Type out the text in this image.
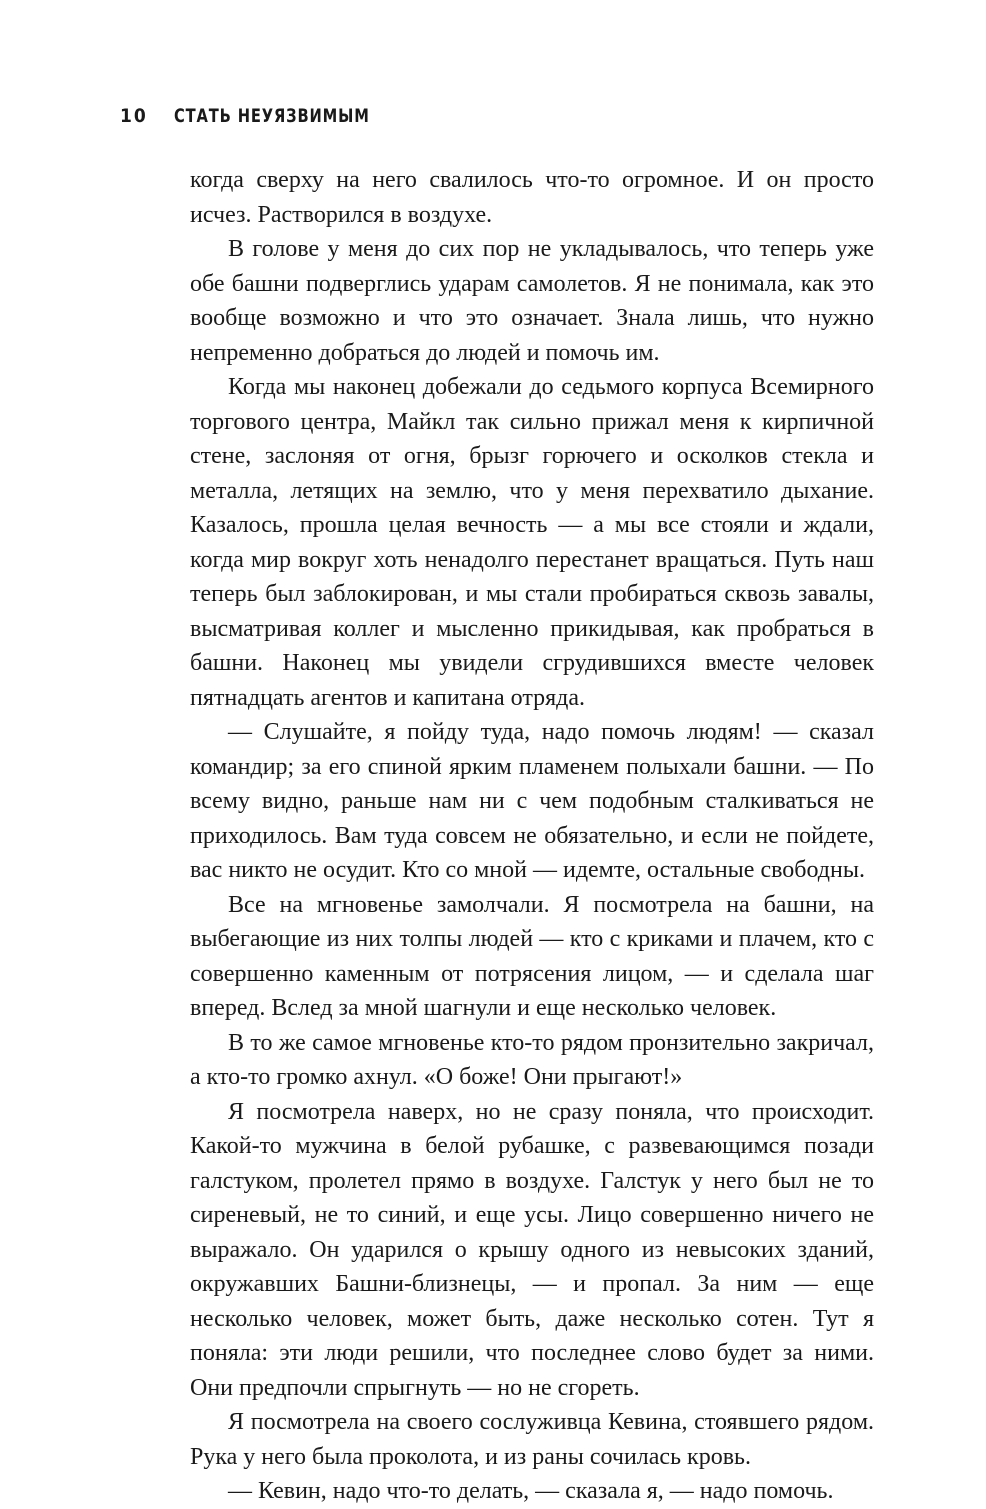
10 СТАТЬ НЕУЯЗВИМЫМ

когда сверху на него свалилось что-то огромное. И он просто исчез. Растворился в воздухе.

В голове у меня до сих пор не укладывалось, что теперь уже обе башни подверглись ударам самолетов. Я не понимала, как это вообще возможно и что это означает. Знала лишь, что нужно непременно добраться до людей и помочь им.

Когда мы наконец добежали до седьмого корпуса Всемирного торгового центра, Майкл так сильно прижал меня к кирпичной стене, заслоняя от огня, брызг горючего и осколков стекла и металла, летящих на землю, что у меня перехватило дыхание. Казалось, прошла целая вечность — а мы все стояли и ждали, когда мир вокруг хоть ненадолго перестанет вращаться. Путь наш теперь был заблокирован, и мы стали пробираться сквозь завалы, высматривая коллег и мысленно прикидывая, как пробраться в башни. Наконец мы увидели сгрудившихся вместе человек пятнадцать агентов и капитана отряда.

— Слушайте, я пойду туда, надо помочь людям! — сказал командир; за его спиной ярким пламенем полыхали башни. — По всему видно, раньше нам ни с чем подобным сталкиваться не приходилось. Вам туда совсем не обязательно, и если не пойдете, вас никто не осудит. Кто со мной — идемте, остальные свободны.

Все на мгновенье замолчали. Я посмотрела на башни, на выбегающие из них толпы людей — кто с криками и плачем, кто с совершенно каменным от потрясения лицом, — и сделала шаг вперед. Вслед за мной шагнули и еще несколько человек.

В то же самое мгновенье кто-то рядом пронзительно закричал, а кто-то громко ахнул. «О боже! Они прыгают!»

Я посмотрела наверх, но не сразу поняла, что происходит. Какой-то мужчина в белой рубашке, с развевающимся позади галстуком, пролетел прямо в воздухе. Галстук у него был не то сиреневый, не то синий, и еще усы. Лицо совершенно ничего не выражало. Он ударился о крышу одного из невысоких зданий, окружавших Башни-близнецы, — и пропал. За ним — еще несколько человек, может быть, даже несколько сотен. Тут я поняла: эти люди решили, что последнее слово будет за ними. Они предпочли спрыгнуть — но не сгореть.

Я посмотрела на своего сослуживца Кевина, стоявшего рядом. Рука у него была проколота, и из раны сочилась кровь.

— Кевин, надо что-то делать, — сказала я, — надо помочь.
